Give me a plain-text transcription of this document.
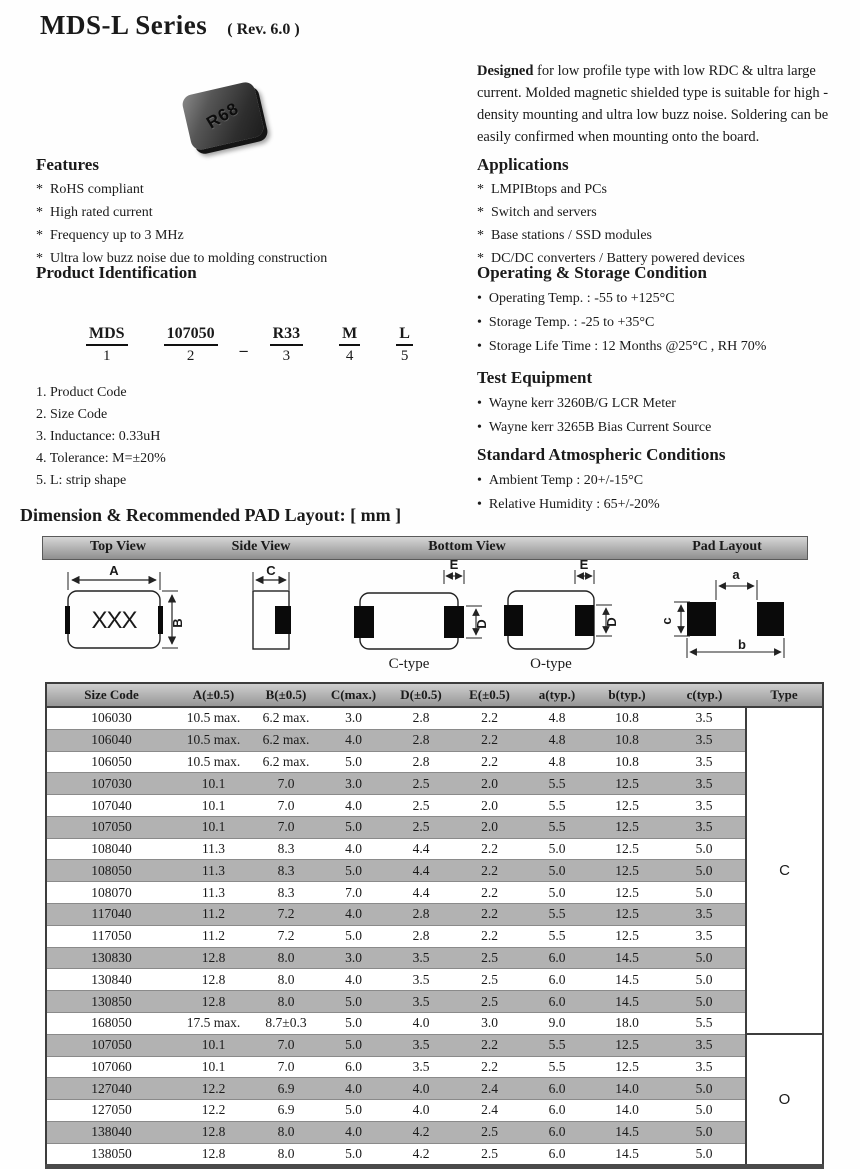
MDS-L Series ( Rev. 6.0 )
R68
Designed for low profile type with low RDC & ultra large current. Molded magnetic shielded type is suitable for high -density mounting and ultra low buzz noise. Soldering can be easily confirmed when mounting onto the board.
Features
* RoHS compliant
* High rated current
* Frequency up to 3 MHz
* Ultra low buzz noise due to molding construction
Applications
* LMPIBtops and PCs
* Switch and servers
* Base stations / SSD modules
* DC/DC converters / Battery powered devices
Product Identification
MDS
1
107050
2
_
R33
3
M
4
L
5
1. Product Code
2. Size Code
3. Inductance: 0.33uH
4. Tolerance: M=±20%
5. L: strip shape
Operating & Storage Condition
• Operating Temp. : -55 to +125°C
• Storage Temp. : -25 to +35°C
• Storage Life Time : 12 Months @25°C , RH 70%
Test Equipment
• Wayne kerr 3260B/G LCR Meter
• Wayne kerr 3265B Bias Current Source
Standard Atmospheric Conditions
• Ambient Temp : 20+/-15°C
• Relative Humidity : 65+/-20%
Dimension & Recommended PAD Layout: [ mm ]
Top View	Side View	Bottom View	Pad Layout
A
B
XXX
C	E
D
C-type
E
D
O-type
a
b
c
Size Code	A(±0.5)	B(±0.5)	C(max.)	D(±0.5)	E(±0.5)	a(typ.)	b(typ.)	c(typ.)	Type
106030	10.5 max.	6.2 max.	3.0	2.8	2.2	4.8	10.8	3.5	C
106040	10.5 max.	6.2 max.	4.0	2.8	2.2	4.8	10.8	3.5	
106050	10.5 max.	6.2 max.	5.0	2.8	2.2	4.8	10.8	3.5	
107030	10.1	7.0	3.0	2.5	2.0	5.5	12.5	3.5	
107040	10.1	7.0	4.0	2.5	2.0	5.5	12.5	3.5	
107050	10.1	7.0	5.0	2.5	2.0	5.5	12.5	3.5	
108040	11.3	8.3	4.0	4.4	2.2	5.0	12.5	5.0	
108050	11.3	8.3	5.0	4.4	2.2	5.0	12.5	5.0	
108070	11.3	8.3	7.0	4.4	2.2	5.0	12.5	5.0	
117040	11.2	7.2	4.0	2.8	2.2	5.5	12.5	3.5	
117050	11.2	7.2	5.0	2.8	2.2	5.5	12.5	3.5	
130830	12.8	8.0	3.0	3.5	2.5	6.0	14.5	5.0	
130840	12.8	8.0	4.0	3.5	2.5	6.0	14.5	5.0	
130850	12.8	8.0	5.0	3.5	2.5	6.0	14.5	5.0	
168050	17.5 max.	8.7±0.3	5.0	4.0	3.0	9.0	18.0	5.5	
107050	10.1	7.0	5.0	3.5	2.2	5.5	12.5	3.5	O
107060	10.1	7.0	6.0	3.5	2.2	5.5	12.5	3.5	
127040	12.2	6.9	4.0	4.0	2.4	6.0	14.0	5.0	
127050	12.2	6.9	5.0	4.0	2.4	6.0	14.0	5.0	
138040	12.8	8.0	4.0	4.2	2.5	6.0	14.5	5.0	
138050	12.8	8.0	5.0	4.2	2.5	6.0	14.5	5.0	
